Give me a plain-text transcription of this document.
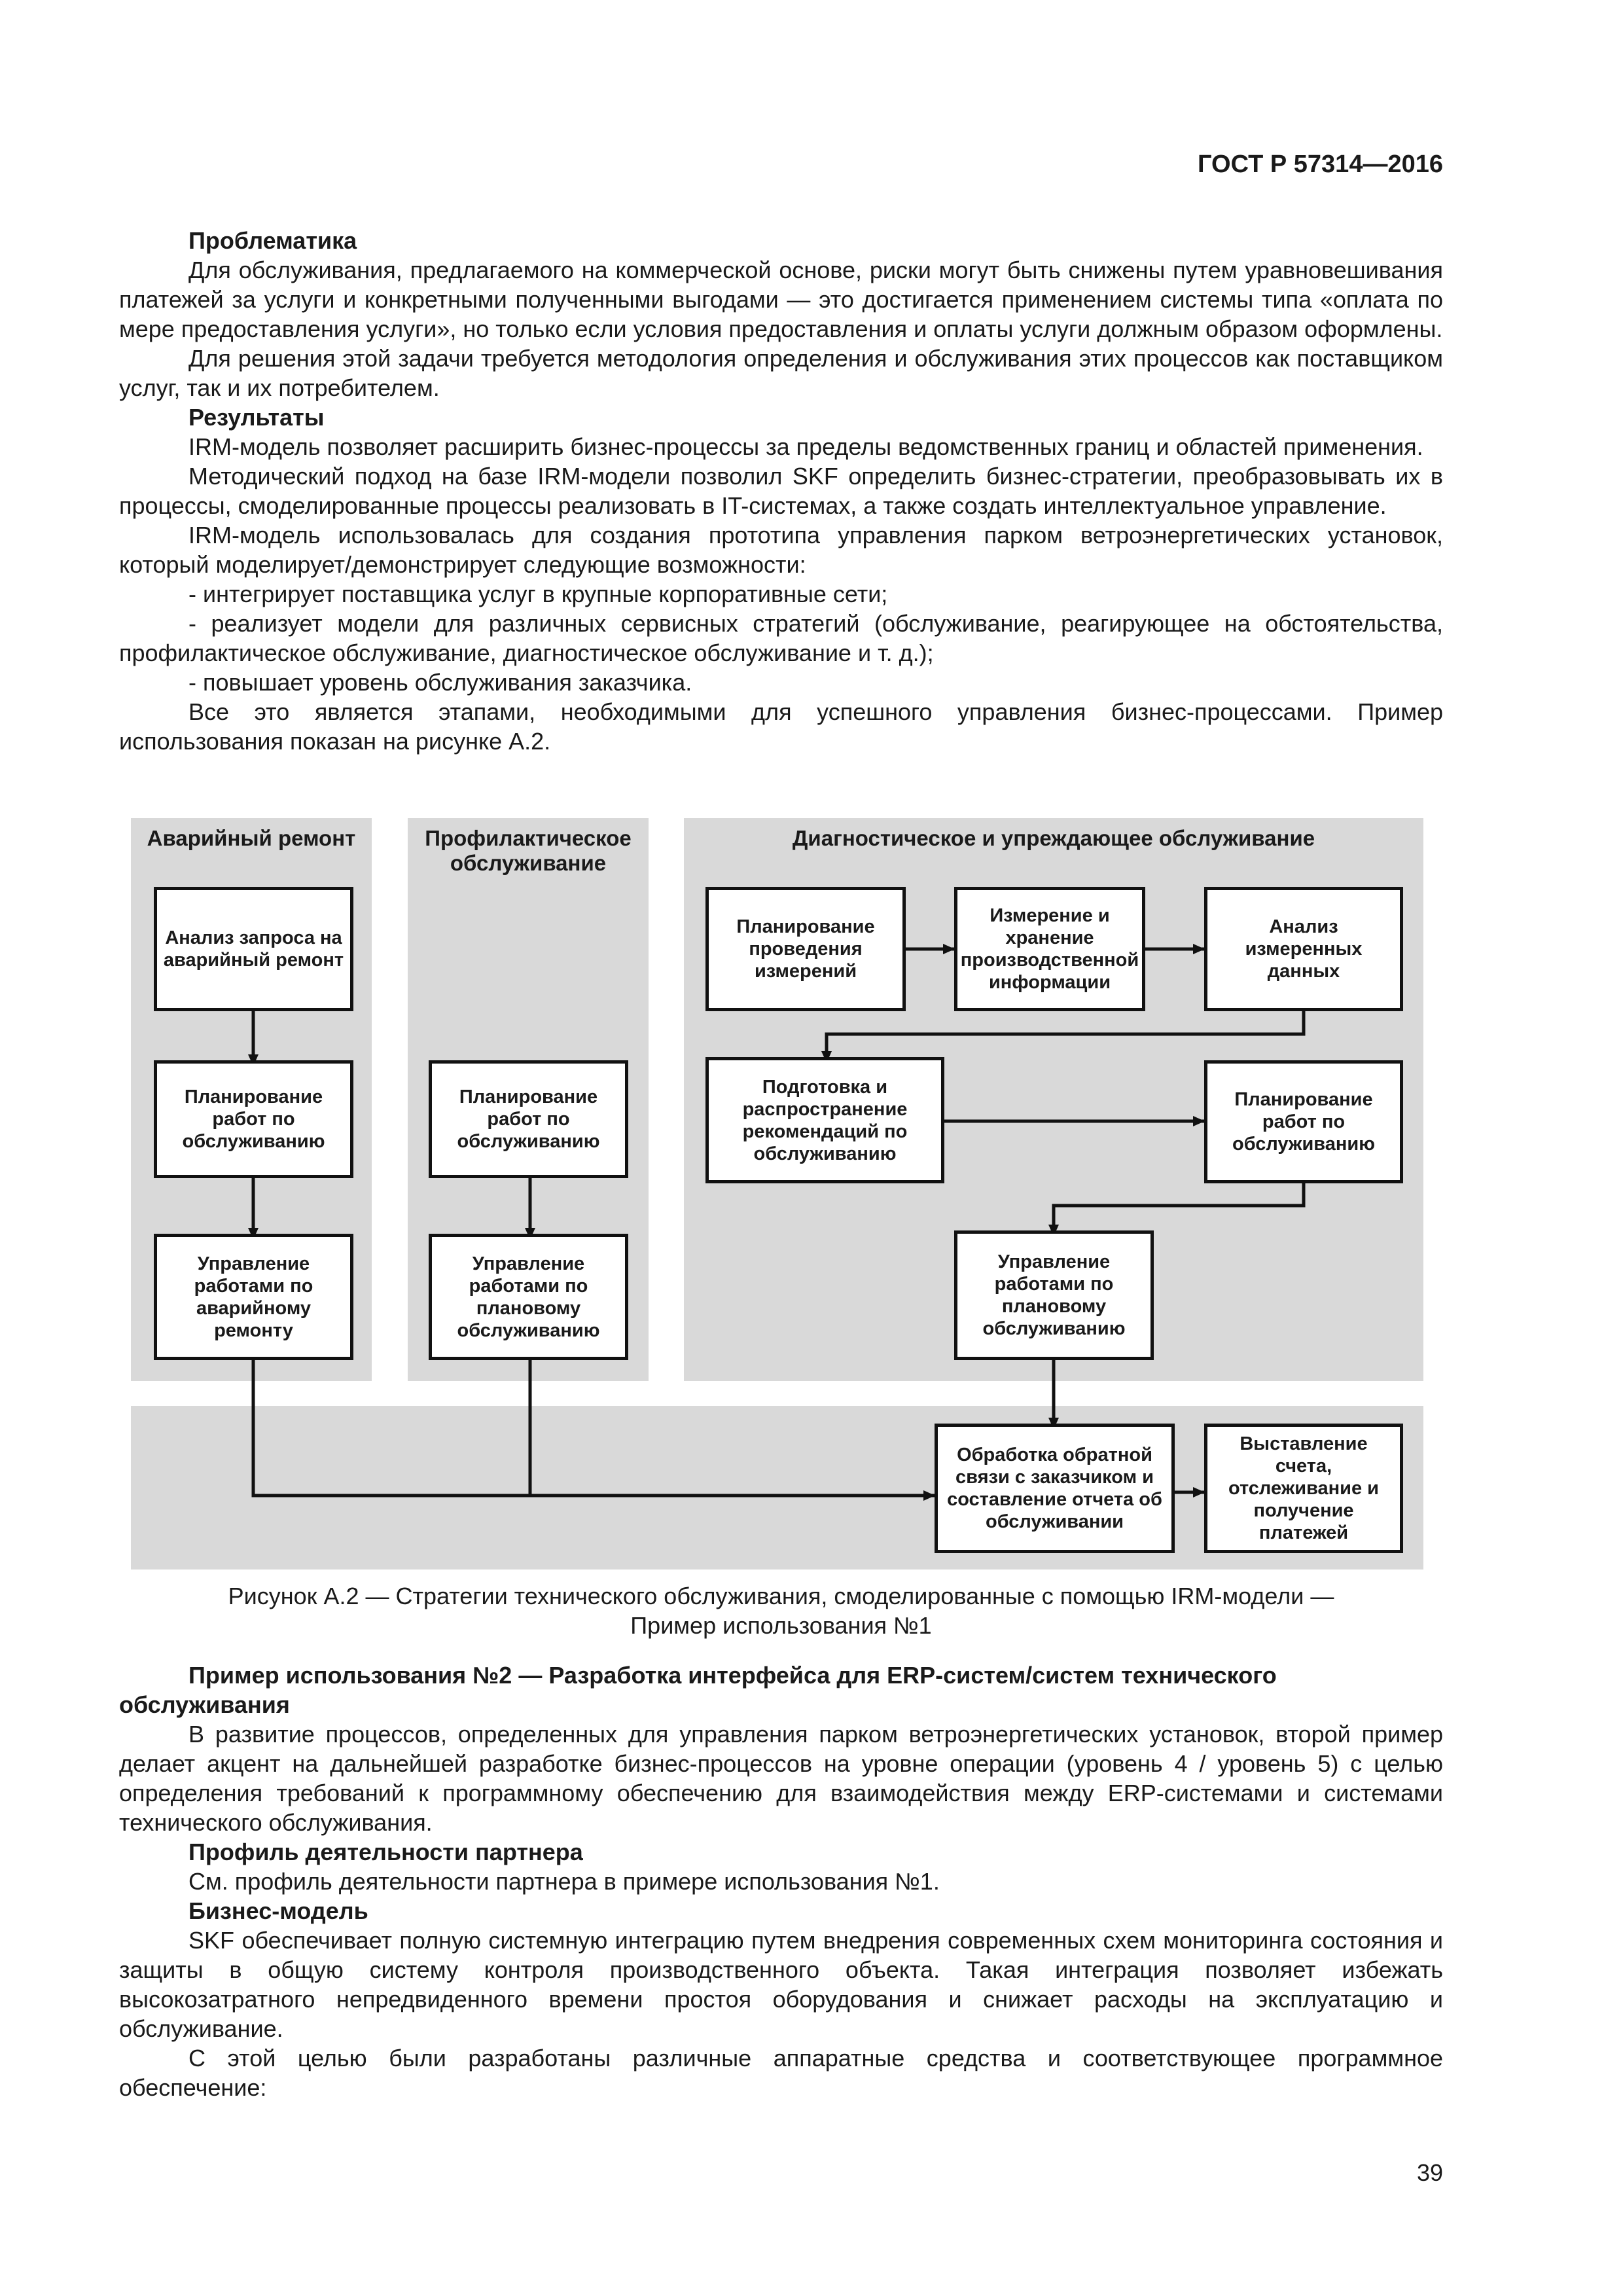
ГОСТ Р 57314—2016

Проблематика

Для обслуживания, предлагаемого на коммерческой основе, риски могут быть снижены путем уравновешивания платежей за услуги и конкретными полученными выгодами — это достигается применением системы типа «оплата по мере предоставления услуги», но только если условия предоставления и оплаты услуги должным образом оформлены.

Для решения этой задачи требуется методология определения и обслуживания этих процессов как поставщиком услуг, так и их потребителем.

Результаты

IRM-модель позволяет расширить бизнес-процессы за пределы ведомственных границ и областей применения.

Методический подход на базе IRM-модели позволил SKF определить бизнес-стратегии, преобразовывать их в процессы, смоделированные процессы реализовать в IT-системах, а также создать интеллектуальное управление.

IRM-модель использовалась для создания прототипа управления парком ветроэнергетических установок, который моделирует/демонстрирует следующие возможности:

- интегрирует поставщика услуг в крупные корпоративные сети;

- реализует модели для различных сервисных стратегий (обслуживание, реагирующее на обстоятельства, профилактическое обслуживание, диагностическое обслуживание и т. д.);

- повышает уровень обслуживания заказчика.

Все это является этапами, необходимыми для успешного управления бизнес-процессами. Пример использования показан на рисунке А.2.

Аварийный ремонт	Профилактическое обслуживание
Диагностическое и упреждающее обслуживание
Анализ запроса на аварийный ремонт
Планирование работ по обслуживанию
Управление работами по аварийному ремонту
Планирование работ по обслуживанию
Управление работами по плановому обслуживанию
Планирование проведения измерений
Измерение и хранение производственной информации
Анализ измеренных данных
Подготовка и распространение рекомендаций по обслуживанию
Планирование работ по обслуживанию
Управление работами по плановому обслуживанию
Обработка обратной связи с заказчиком и составление отчета об обслуживании
Выставление счета, отслеживание и получение платежей
Рисунок А.2 — Стратегии технического обслуживания, смоделированные с помощью IRM-модели —
Пример использования №1

Пример использования №2 — Разработка интерфейса для ERP-систем/систем технического обслуживания

В развитие процессов, определенных для управления парком ветроэнергетических установок, второй пример делает акцент на дальнейшей разработке бизнес-процессов на уровне операции (уровень 4 / уровень 5) с целью определения требований к программному обеспечению для взаимодействия между ERP-системами и системами технического обслуживания.

Профиль деятельности партнера

См. профиль деятельности партнера в примере использования №1.

Бизнес-модель

SKF обеспечивает полную системную интеграцию путем внедрения современных схем мониторинга состояния и защиты в общую систему контроля производственного объекта. Такая интеграция позволяет избежать высокозатратного непредвиденного времени простоя оборудования и снижает расходы на эксплуатацию и обслуживание.

С этой целью были разработаны различные аппаратные средства и соответствующее программное обеспечение:

39
